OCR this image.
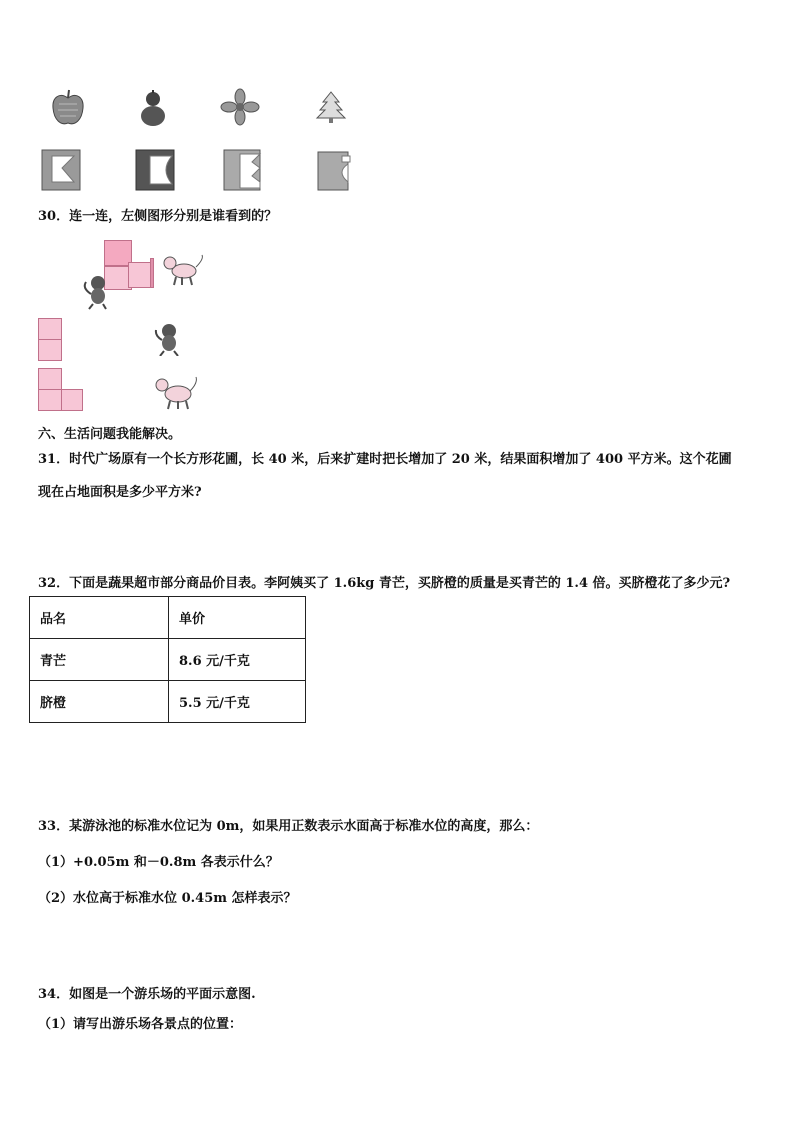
30．连一连，左侧图形分别是谁看到的？
六、生活问题我能解决。
31．时代广场原有一个长方形花圃，长 40 米，后来扩建时把长增加了 20 米，结果面积增加了 400 平方米。这个花圃
现在占地面积是多少平方米?
32．下面是蔬果超市部分商品价目表。李阿姨买了 1.6kg 青芒，买脐橙的质量是买青芒的 1.4 倍。买脐橙花了多少元?
品名	单价
青芒	8.6 元/千克
脐橙	5.5 元/千克
33．某游泳池的标准水位记为 0m，如果用正数表示水面高于标准水位的高度，那么：
（1）+0.05m 和－0.8m 各表示什么？
（2）水位高于标准水位 0.45m 怎样表示？
34．如图是一个游乐场的平面示意图.
（1）请写出游乐场各景点的位置：
